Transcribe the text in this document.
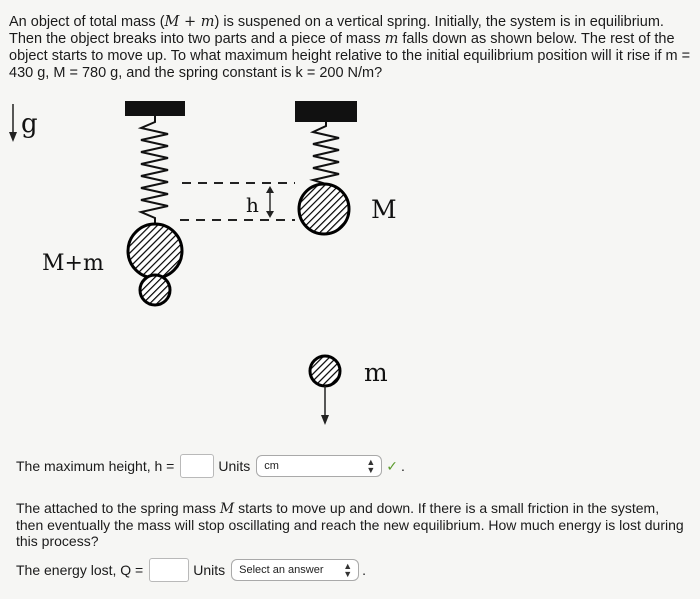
An object of total mass (M + m) is suspened on a vertical spring. Initially, the system is in equilibrium. Then the object breaks into two parts and a piece of mass m falls down as shown below. The rest of the object starts to move up. To what maximum height relative to the initial equilibrium position will it rise if m = 430 g, M = 780 g, and the spring constant is k = 200 N/m?
g
M+m
h	M
m
The maximum height, h =	Units cm	▲
▼ ✓ .
The attached to the spring mass M starts to move up and down. If there is a small friction in the system, then eventually the mass will stop oscillating and reach the new equilibrium. How much energy is lost during this process?
The energy lost, Q =	Units Select an answer ▲
▼ .
